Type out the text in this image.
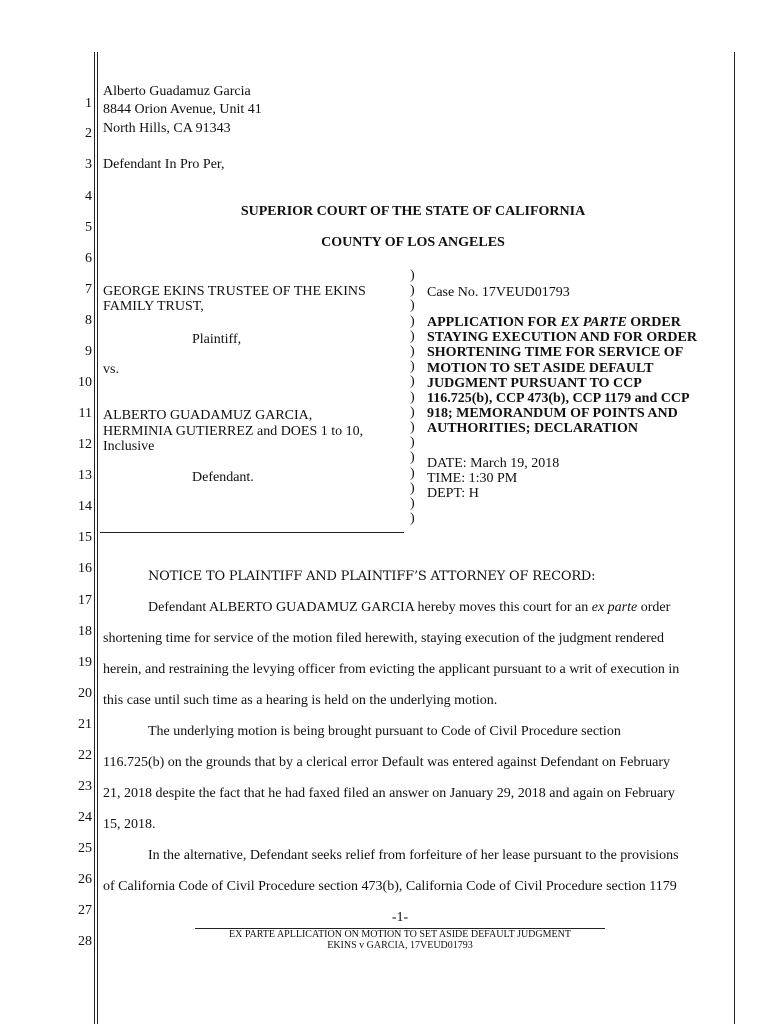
1
2
3
4
5
6
7
8
9
10
11
12
13
14
15
16
17
18
19
20
21
22
23
24
25
26
27
28
Alberto Guadamuz Garcia
8844 Orion Avenue, Unit 41
North Hills, CA 91343
Defendant In Pro Per,
SUPERIOR COURT OF THE STATE OF CALIFORNIA
COUNTY OF LOS ANGELES
GEORGE EKINS TRUSTEE OF THE EKINS
FAMILY TRUST,
Plaintiff,
vs.
ALBERTO GUADAMUZ GARCIA,
HERMINIA GUTIERREZ and DOES 1 to 10,
Inclusive
Defendant.
)
)
)
)
)
)
)
)
)
)
)
)
)
)
)
)
)
Case No. 17VEUD01793
APPLICATION FOR EX PARTE ORDER
STAYING EXECUTION AND FOR ORDER
SHORTENING TIME FOR SERVICE OF
MOTION TO SET ASIDE DEFAULT
JUDGMENT PURSUANT TO CCP
116.725(b), CCP 473(b), CCP 1179 and CCP
918; MEMORANDUM OF POINTS AND
AUTHORITIES; DECLARATION
DATE: March 19, 2018
TIME: 1:30 PM
DEPT: H
NOTICE TO PLAINTIFF AND PLAINTIFF’S ATTORNEY OF RECORD:
Defendant ALBERTO GUADAMUZ GARCIA hereby moves this court for an ex parte order
shortening time for service of the motion filed herewith, staying execution of the judgment rendered
herein, and restraining the levying officer from evicting the applicant pursuant to a writ of execution in
this case until such time as a hearing is held on the underlying motion.
The underlying motion is being brought pursuant to Code of Civil Procedure section
116.725(b) on the grounds that by a clerical error Default was entered against Defendant on February
21, 2018 despite the fact that he had faxed filed an answer on January 29, 2018 and again on February
15, 2018.
In the alternative, Defendant seeks relief from forfeiture of her lease pursuant to the provisions
of California Code of Civil Procedure section 473(b), California Code of Civil Procedure section 1179
-1-
EX PARTE APLLICATION ON MOTION TO SET ASIDE DEFAULT JUDGMENT
EKINS v GARCIA, 17VEUD01793
